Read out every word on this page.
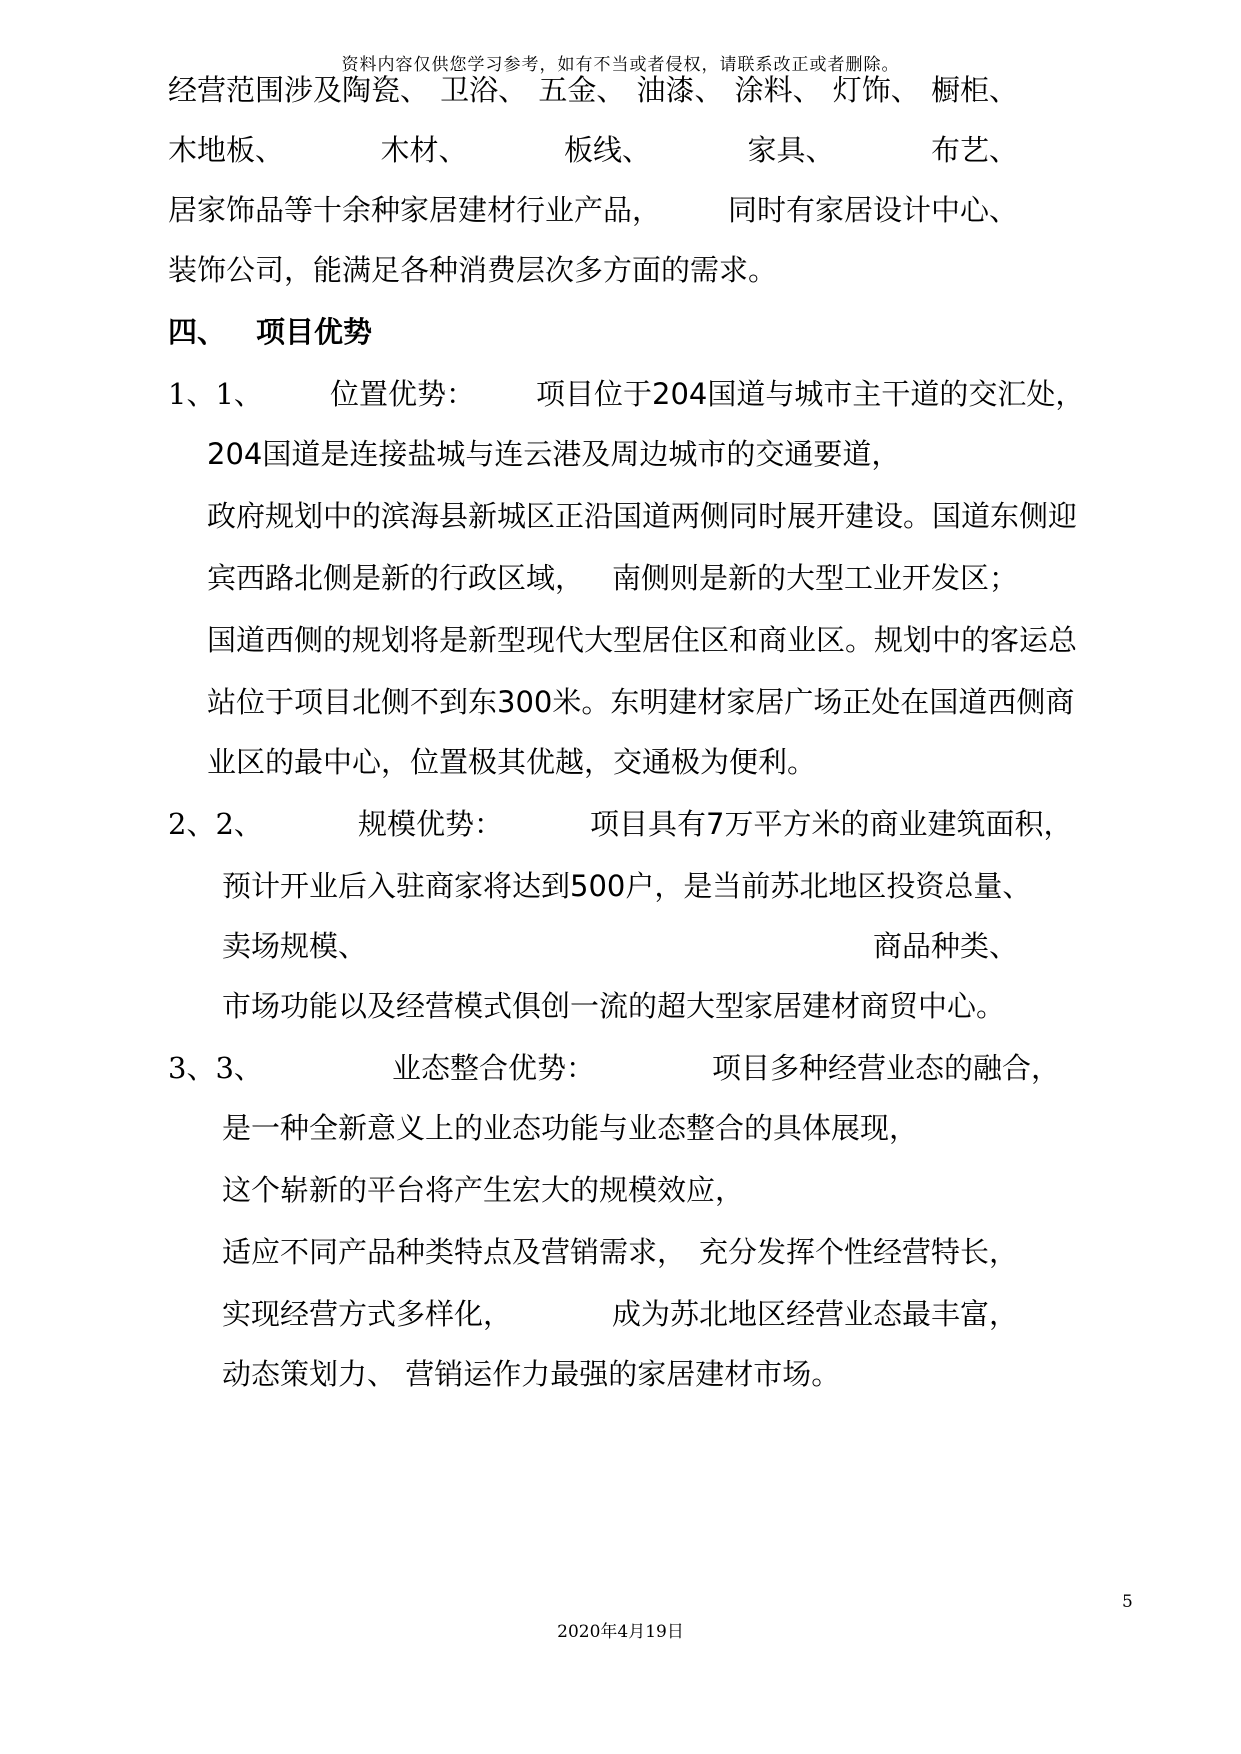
资料内容仅供您学习参考，如有不当或者侵权，请联系改正或者删除。
经营范围涉及陶瓷、 卫浴、 五金、 油漆、 涂料、 灯饰、 橱柜、
木地板、	木材、	板线、	家具、	布艺、
居家饰品等十余种家居建材行业产品， 同时有家居设计中心、
装饰公司，能满足各种消费层次多方面的需求。
四、 项目优势
1、1、 位置优势： 项目位于204国道与城市主干道的交汇处，
204国道是连接盐城与连云港及周边城市的交通要道，
政府规划中的滨海县新城区正沿国道两侧同时展开建设。国道东侧迎
宾西路北侧是新的行政区域， 南侧则是新的大型工业开发区；
国道西侧的规划将是新型现代大型居住区和商业区。规划中的客运总
站位于项目北侧不到东300米。东明建材家居广场正处在国道西侧商
业区的最中心，位置极其优越，交通极为便利。
2、2、	规模优势：	项目具有7万平方米的商业建筑面积，
预计开业后入驻商家将达到500户， 是当前苏北地区投资总量、
卖场规模、	商品种类、
市场功能以及经营模式俱创一流的超大型家居建材商贸中心。
3、3、	业态整合优势：	项目多种经营业态的融合，
是一种全新意义上的业态功能与业态整合的具体展现，
这个崭新的平台将产生宏大的规模效应，
适应不同产品种类特点及营销需求， 充分发挥个性经营特长，
实现经营方式多样化，	成为苏北地区经营业态最丰富，
动态策划力、 营销运作力最强的家居建材市场。
5
2020年4月19日
